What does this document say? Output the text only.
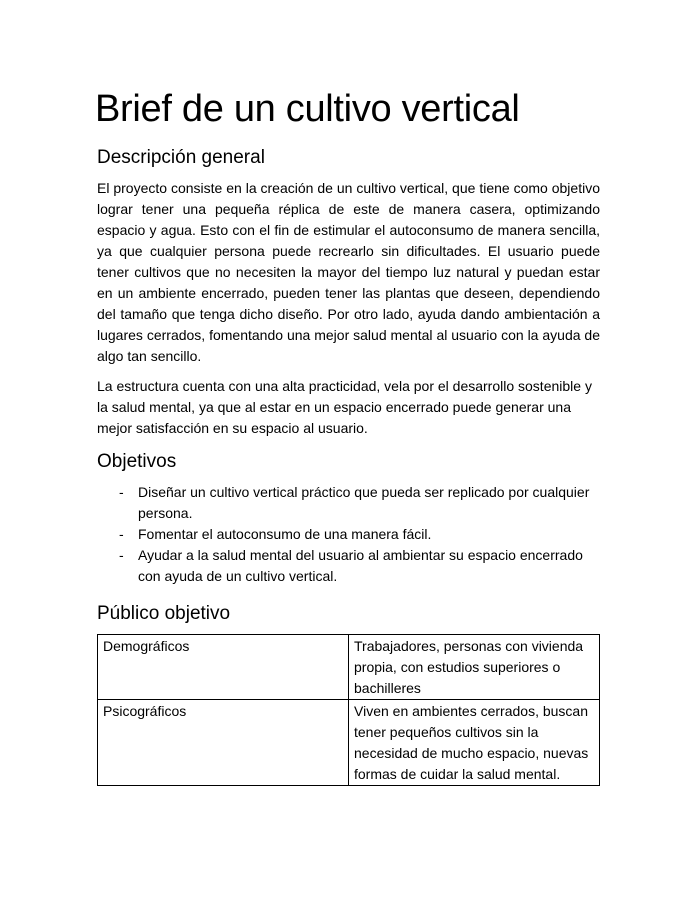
Brief de un cultivo vertical
Descripción general

El proyecto consiste en la creación de un cultivo vertical, que tiene como objetivo lograr tener una pequeña réplica de este de manera casera, optimizando espacio y agua. Esto con el fin de estimular el autoconsumo de manera sencilla, ya que cualquier persona puede recrearlo sin dificultades. El usuario puede tener cultivos que no necesiten la mayor del tiempo luz natural y puedan estar en un ambiente encerrado, pueden tener las plantas que deseen, dependiendo del tamaño que tenga dicho diseño. Por otro lado, ayuda dando ambientación a lugares cerrados, fomentando una mejor salud mental al usuario con la ayuda de algo tan sencillo.

La estructura cuenta con una alta practicidad, vela por el desarrollo sostenible y la salud mental, ya que al estar en un espacio encerrado puede generar una mejor satisfacción en su espacio al usuario.

Objetivos
- Diseñar un cultivo vertical práctico que pueda ser replicado por cualquier persona.
- Fomentar el autoconsumo de una manera fácil.
- Ayudar a la salud mental del usuario al ambientar su espacio encerrado con ayuda de un cultivo vertical.
Público objetivo
Demográficos	Trabajadores, personas con vivienda propia, con estudios superiores o bachilleres
Psicográficos	Viven en ambientes cerrados, buscan tener pequeños cultivos sin la necesidad de mucho espacio, nuevas formas de cuidar la salud mental.
